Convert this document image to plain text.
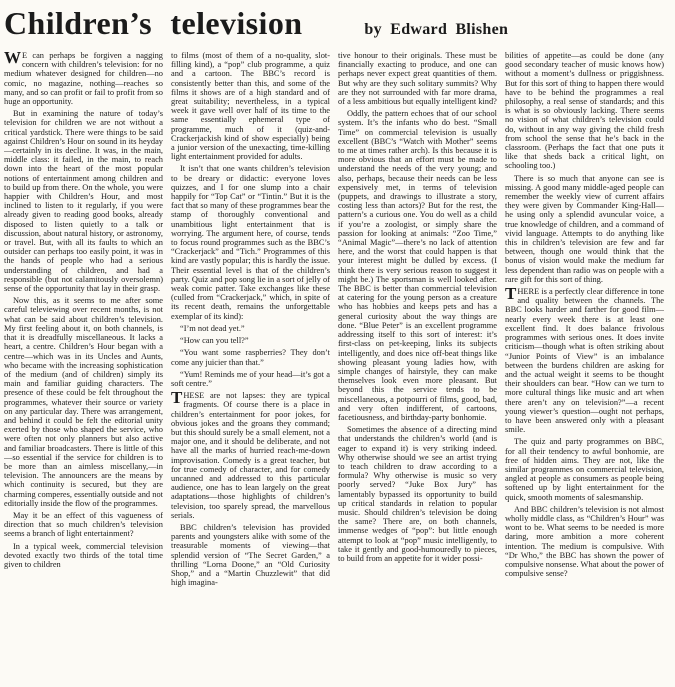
Children’s television	by Edward Blishen

W E can perhaps be forgiven a nagging concern with children’s television: for no medium whatever designed for children—no comic, no magazine, nothing—reaches so many, and so can profit or fail to profit from so huge an opportunity.

But in examining the nature of today’s television for children we are not without a critical yardstick. There were things to be said against Children’s Hour on sound in its heyday—certainly in its decline. It was, in the main, middle class: it failed, in the main, to reach down into the heart of the most popular notions of entertainment among children and to build up from there. On the whole, you were happier with Children’s Hour, and most inclined to listen to it regularly, if you were already given to reading good books, already disposed to listen quietly to a talk or discussion, about natural history, or astronomy, or travel. But, with all its faults to which an outsider can perhaps too easily point, it was in the hands of people who had a serious understanding of children, and had a responsible (but not calamitously oversolemn) sense of the opportunity that lay in their grasp.

Now this, as it seems to me after some careful televiewing over recent months, is not what can be said about children’s television. My first feeling about it, on both channels, is that it is dreadfully miscellaneous. It lacks a heart, a centre. Children’s Hour began with a centre—which was in its Uncles and Aunts, who became with the increasing sophistication of the medium (and of children) simply its main and familiar guiding characters. The presence of these could be felt throughout the programmes, whatever their source or variety on any particular day. There was arrangement, and behind it could be felt the editorial unity exerted by those who shaped the service, who were often not only planners but also active and familiar broadcasters. There is little of this—so essential if the service for children is to be more than an aimless miscellany,—in television. The announcers are the means by which continuity is secured, but they are charming comperes, essentially outside and not editorially inside the flow of the programmes.

May it be an effect of this vagueness of direction that so much children’s television seems a branch of light entertainment?

In a typical week, commercial television devoted exactly two thirds of the total time given to children

to films (most of them of a no-quality, slot-filling kind), a “pop” club programme, a quiz and a cartoon. The BBC’s record is consistently better than this, and some of the films it shows are of a high standard and of great suitability; nevertheless, in a typical week it gave well over half of its time to the same essentially ephemeral type of programme, much of it (quiz-and-Crackerjackish kind of show especially) being a junior version of the unexacting, time-killing light entertainment provided for adults.

It isn’t that one wants children’s television to be dreary or didactic: everyone loves quizzes, and I for one slump into a chair happily for “Top Cat” or “Tintin.” But it is the fact that so many of these programmes bear the stamp of thoroughly conventional and unambitious light entertainment that is worrying. The argument here, of course, tends to focus round programmes such as the BBC’s “Crackerjack” and “Tich.” Programmes of this kind are vastly popular; this is hardly the issue. Their essential level is that of the children’s party. Quiz and pop song lie in a sort of jelly of weak comic patter. Take exchanges like these (culled from “Crackerjack,” which, in spite of its recent death, remains the unforgettable exemplar of its kind):

“I’m not dead yet.”

“How can you tell?”

“You want some raspberries? They don’t come any juicier than that.”

“Yum! Reminds me of your head—it’s got a soft centre.”

THESE are not lapses: they are typical fragments. Of course there is a place in children’s entertainment for poor jokes, for obvious jokes and the groans they command; but this should surely be a small element, not a major one, and it should be deliberate, and not have all the marks of hurried reach-me-down improvisation. Comedy is a great teacher, but for true comedy of character, and for comedy uncanned and addressed to this particular audience, one has to lean largely on the great adaptations—those highlights of children’s television, too sparely spread, the marvellous serials.

BBC children’s television has provided parents and youngsters alike with some of the treasurable moments of viewing—that splendid version of “The Secret Garden,” a thrilling “Lorna Doone,” an “Old Curiosity Shop,” and a “Martin Chuzzlewit” that did high imagina-

tive honour to their originals. These must be financially exacting to produce, and one can perhaps never expect great quantities of them. But why are they such solitary summits? Why are they not surrounded with far more drama, of a less ambitious but equally intelligent kind?

Oddly, the pattern echoes that of our school system. It’s the infants who do best. “Small Time” on commercial television is usually excellent (BBC’s “Watch with Mother” seems to me at times rather arch). Is this because it is more obvious that an effort must be made to understand the needs of the very young; and also, perhaps, because their needs can be less expensively met, in terms of television (puppets, and drawings to illustrate a story, costing less than actors)? But for the rest, the pattern’s a curious one. You do well as a child if you’re a zoologist, or simply share the passion for looking at animals: “Zoo Time,” “Animal Magic”—there’s no lack of attention here, and the worst that could happen is that your interest might be dulled by excess. (I think there is very serious reason to suggest it might be.) The sportsman is well looked after. The BBC is better than commercial television at catering for the young person as a creature who has hobbies and keeps pets and has a general curiosity about the way things are done. “Blue Peter” is an excellent programme addressing itself to this sort of interest: it’s first-class on pet-keeping, links its subjects intelligently, and does nice off-beat things like showing pleasant young ladies how, with simple changes of hairstyle, they can make themselves look even more pleasant. But beyond this the service tends to be miscellaneous, a potpourri of films, good, bad, and very often indifferent, of cartoons, facetiousness, and birthday-party bonhomie.

Sometimes the absence of a directing mind that understands the children’s world (and is eager to expand it) is very striking indeed. Why otherwise should we see an artist trying to teach children to draw according to a formula? Why otherwise is music so very poorly served? “Juke Box Jury” has lamentably bypassed its opportunity to build up critical standards in relation to popular music. Should children’s television be doing the same? There are, on both channels, immense wedges of “pop”: but little enough attempt to look at “pop” music intelligently, to take it gently and good-humouredly to pieces, to build from an appetite for it wider possi-

bilities of appetite—as could be done (any good secondary teacher of music knows how) without a moment’s dullness or priggishness. But for this sort of thing to happen there would have to be behind the programmes a real philosophy, a real sense of standards; and this is what is so obviously lacking. There seems no vision of what children’s television could do, without in any way giving the child fresh from school the sense that he’s back in the classroom. (Perhaps the fact that one puts it like that sheds back a critical light, on schooling too.)

There is so much that anyone can see is missing. A good many middle-aged people can remember the weekly view of current affairs they were given by Commander King-Hall—he using only a splendid avuncular voice, a true knowledge of children, and a command of vivid language. Attempts to do anything like this in children’s television are few and far between, though one would think that the bonus of vision would make the medium far less dependent than radio was on people with a rare gift for this sort of thing.

THERE is a perfectly clear difference in tone and quality between the channels. The BBC looks harder and farther for good film—nearly every week there is at least one excellent find. It does balance frivolous programmes with serious ones. It does invite criticism—though what is often striking about “Junior Points of View” is an imbalance between the burdens children are asking for and the actual weight it seems to be thought their shoulders can bear. “How can we turn to more cultural things like music and art when there aren’t any on television?”—a recent young viewer’s question—ought not perhaps, to have been answered only with a pleasant smile.

The quiz and party programmes on BBC, for all their tendency to awful bonhomie, are free of hidden aims. They are not, like the similar programmes on commercial television, angled at people as consumers as people being softened up by light entertainment for the quick, smooth moments of salesmanship.

And BBC children’s television is not almost wholly middle class, as “Children’s Hour” was wont to be. What seems to be needed is more daring, more ambition a more coherent intention. The medium is compulsive. With “Dr Who,” the BBC has shown the power of compulsive nonsense. What about the power of compulsive sense?
